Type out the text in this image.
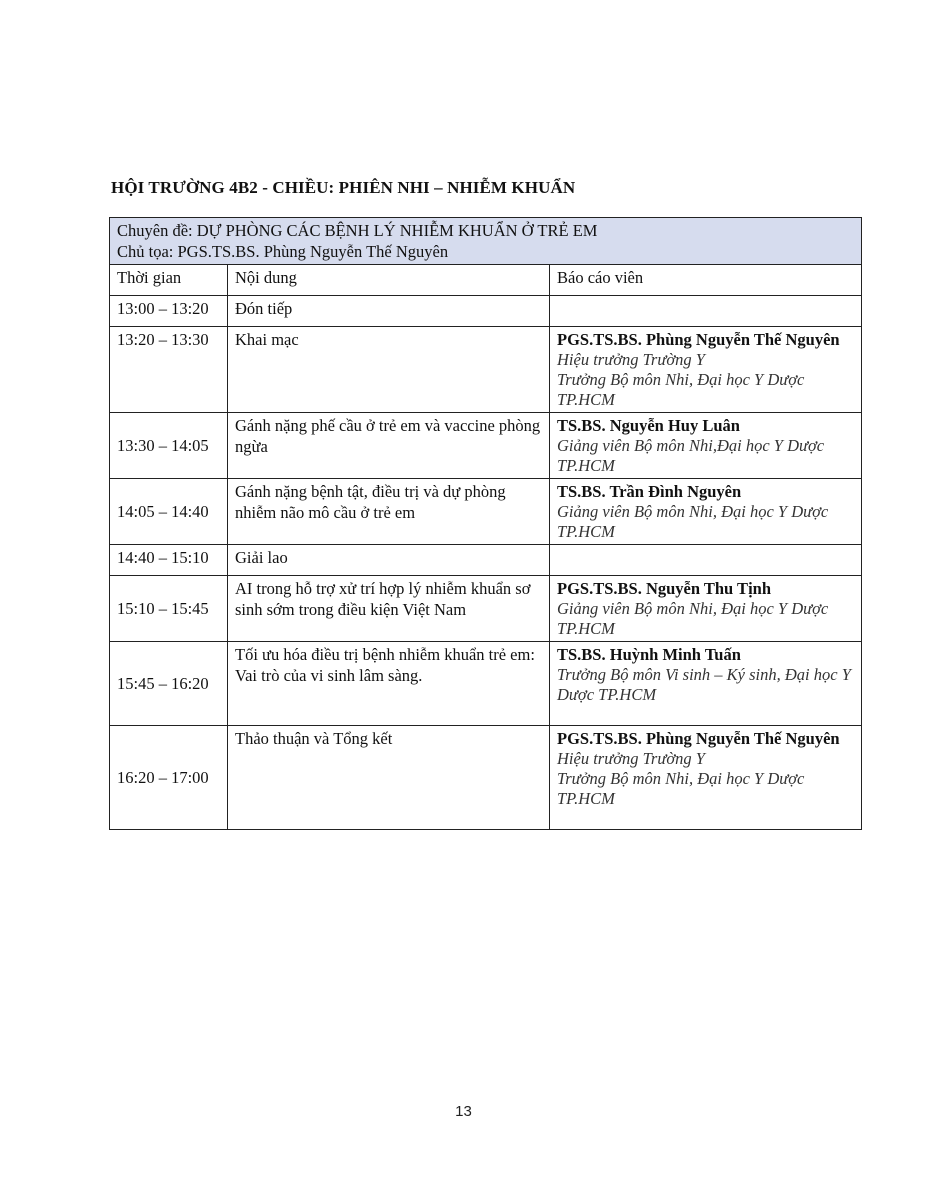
HỘI TRƯỜNG 4B2 - CHIỀU: PHIÊN NHI – NHIỄM KHUẨN
Chuyên đề: DỰ PHÒNG CÁC BỆNH LÝ NHIỄM KHUẨN Ở TRẺ EM
Chủ tọa: PGS.TS.BS. Phùng Nguyễn Thế Nguyên		

Thời gian	Nội dung	Báo cáo viên
13:00 – 13:20	Đón tiếp	
13:20 – 13:30	Khai mạc	PGS.TS.BS. Phùng Nguyễn Thế Nguyên
Hiệu trưởng Trường Y
Trưởng Bộ môn Nhi, Đại học Y Dược TP.HCM

13:30 – 14:05	Gánh nặng phế cầu ở trẻ em và vaccine phòng ngừa	TS.BS. Nguyễn Huy Luân
Giảng viên Bộ môn Nhi,Đại học Y Dược TP.HCM

14:05 – 14:40	Gánh nặng bệnh tật, điều trị và dự phòng nhiễm não mô cầu ở trẻ em	TS.BS. Trần Đình Nguyên
Giảng viên Bộ môn Nhi, Đại học Y Dược TP.HCM

14:40 – 15:10	Giải lao	
15:10 – 15:45	AI trong hỗ trợ xử trí hợp lý nhiễm khuẩn sơ sinh sớm trong điều kiện Việt Nam	PGS.TS.BS. Nguyễn Thu Tịnh
Giảng viên Bộ môn Nhi, Đại học Y Dược TP.HCM

15:45 – 16:20	Tối ưu hóa điều trị bệnh nhiễm khuẩn trẻ em: Vai trò của vi sinh lâm sàng.	TS.BS. Huỳnh Minh Tuấn
Trưởng Bộ môn Vi sinh – Ký sinh, Đại học Y Dược TP.HCM

16:20 – 17:00	Thảo thuận và Tổng kết	PGS.TS.BS. Phùng Nguyễn Thế Nguyên
Hiệu trưởng Trường Y
Trưởng Bộ môn Nhi, Đại học Y Dược TP.HCM
13
